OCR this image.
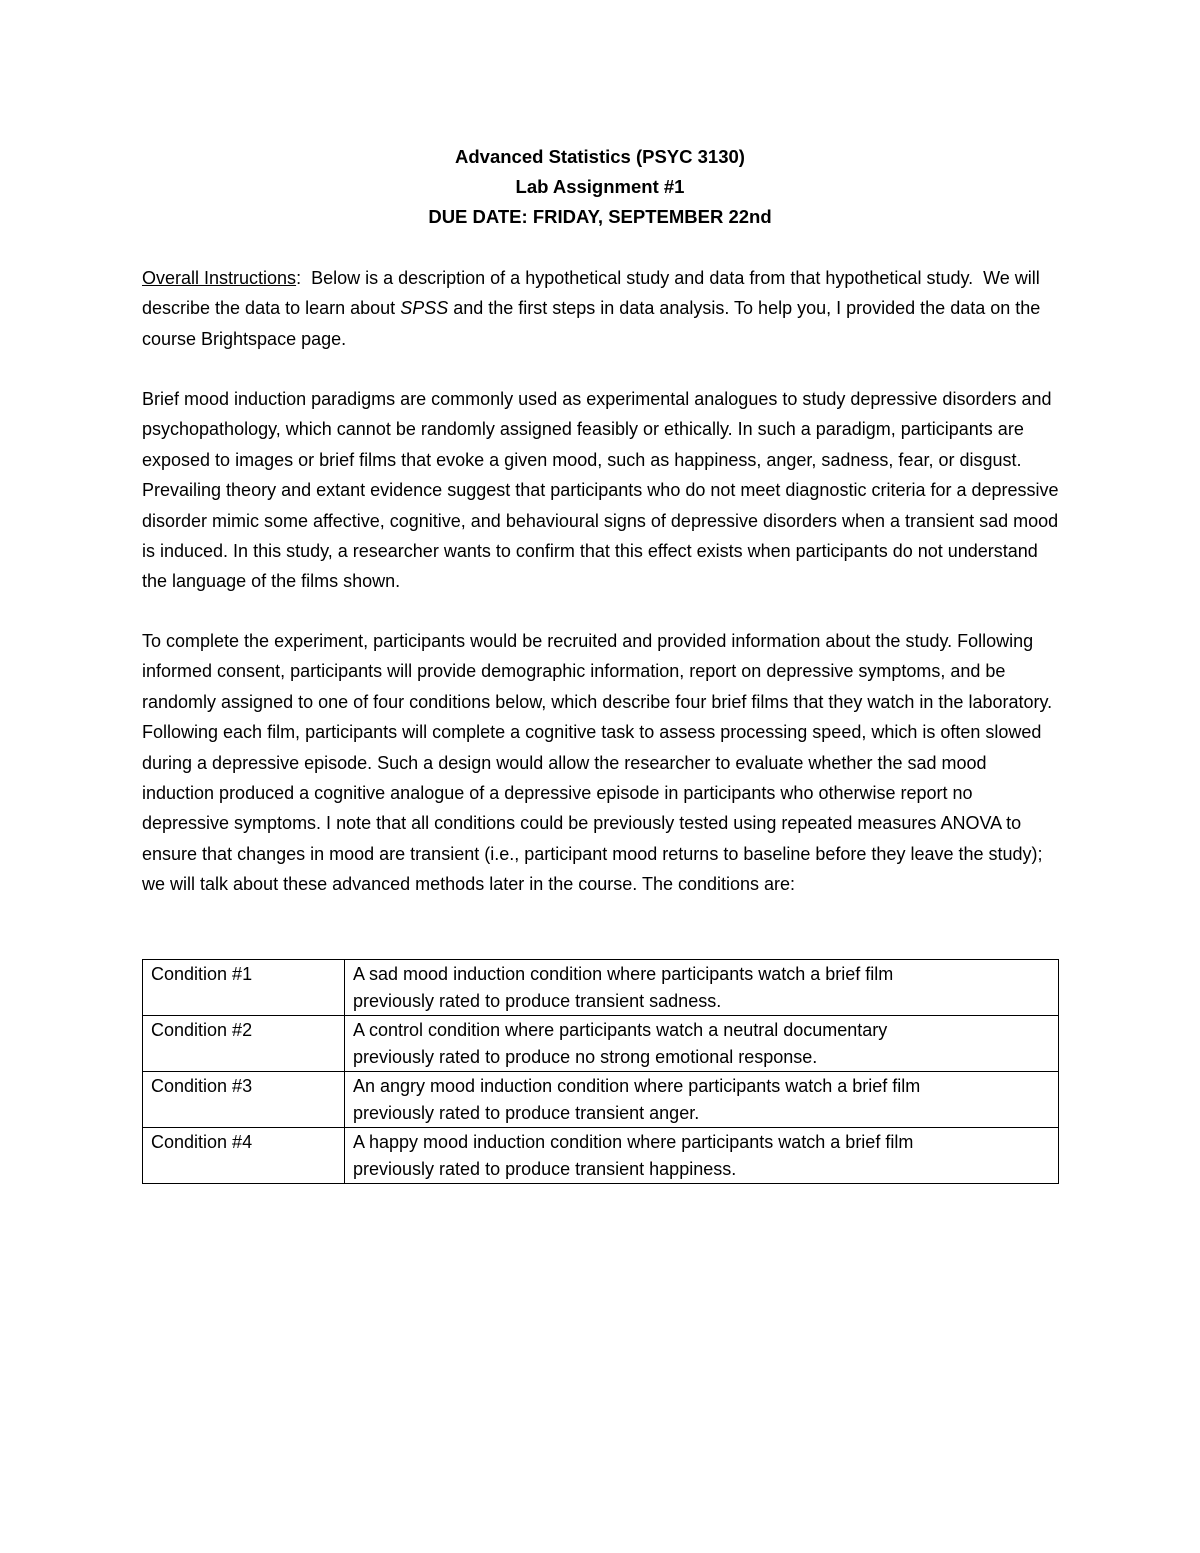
Advanced Statistics (PSYC 3130)
Lab Assignment #1
DUE DATE: FRIDAY, SEPTEMBER 22nd
Overall Instructions:  Below is a description of a hypothetical study and data from that hypothetical study.  We will describe the data to learn about SPSS and the first steps in data analysis. To help you, I provided the data on the course Brightspace page.
Brief mood induction paradigms are commonly used as experimental analogues to study depressive disorders and psychopathology, which cannot be randomly assigned feasibly or ethically. In such a paradigm, participants are exposed to images or brief films that evoke a given mood, such as happiness, anger, sadness, fear, or disgust. Prevailing theory and extant evidence suggest that participants who do not meet diagnostic criteria for a depressive disorder mimic some affective, cognitive, and behavioural signs of depressive disorders when a transient sad mood is induced. In this study, a researcher wants to confirm that this effect exists when participants do not understand the language of the films shown.
To complete the experiment, participants would be recruited and provided information about the study. Following informed consent, participants will provide demographic information, report on depressive symptoms, and be randomly assigned to one of four conditions below, which describe four brief films that they watch in the laboratory. Following each film, participants will complete a cognitive task to assess processing speed, which is often slowed during a depressive episode. Such a design would allow the researcher to evaluate whether the sad mood induction produced a cognitive analogue of a depressive episode in participants who otherwise report no depressive symptoms. I note that all conditions could be previously tested using repeated measures ANOVA to ensure that changes in mood are transient (i.e., participant mood returns to baseline before they leave the study); we will talk about these advanced methods later in the course. The conditions are:
Condition #1	A sad mood induction condition where participants watch a brief film
previously rated to produce transient sadness.
Condition #2	A control condition where participants watch a neutral documentary
previously rated to produce no strong emotional response.
Condition #3	An angry mood induction condition where participants watch a brief film
previously rated to produce transient anger.
Condition #4	A happy mood induction condition where participants watch a brief film
previously rated to produce transient happiness.
